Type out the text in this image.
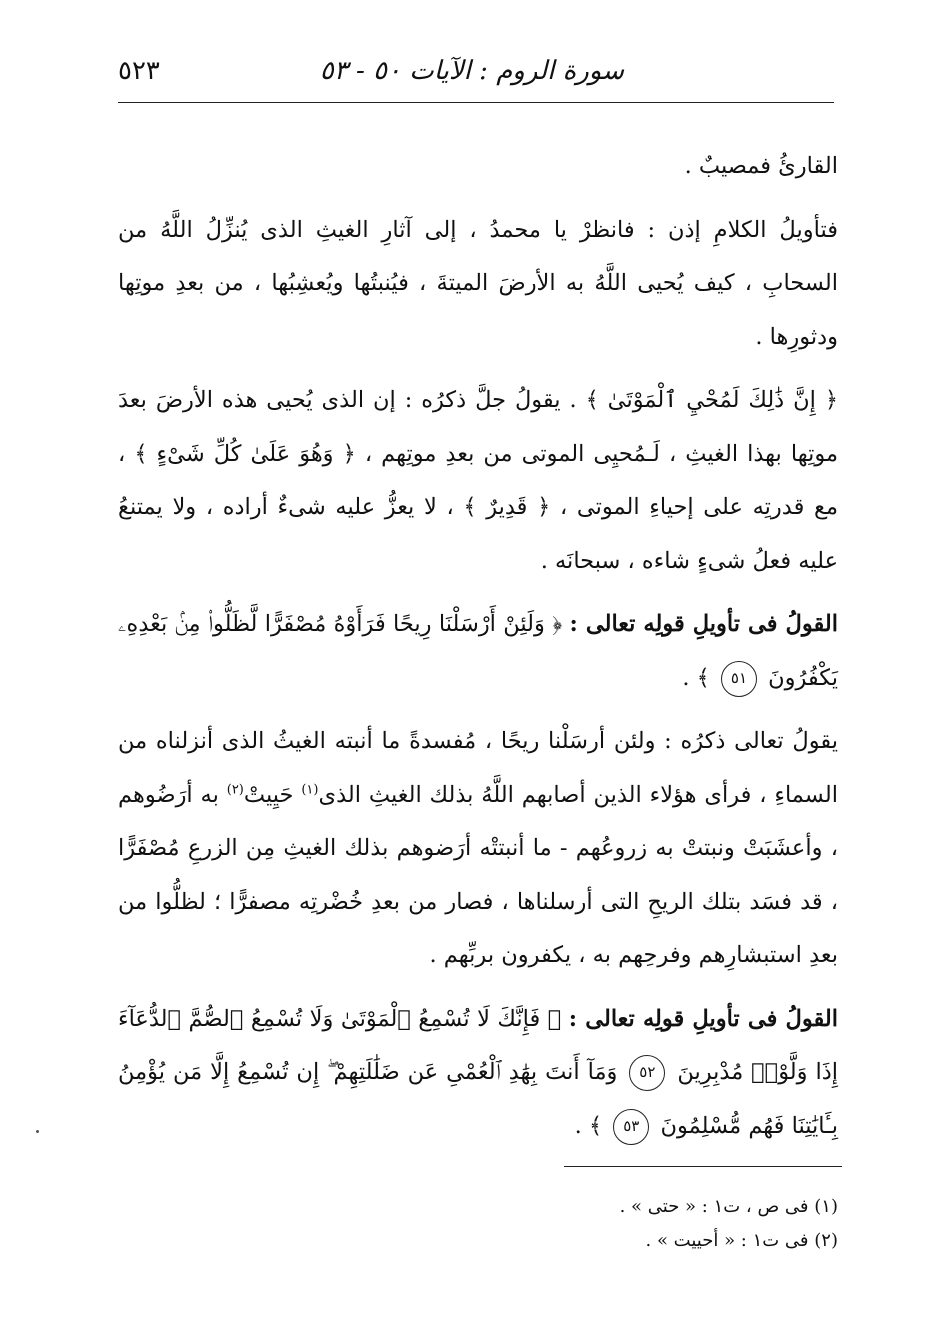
سورة الروم : الآيات ٥٠ - ٥٣
٥٢٣

القارئُ فمصيبٌ .

فتأويلُ الكلامِ إذن : فانظرْ يا محمدُ ، إلى آثارِ الغيثِ الذى يُنزِّلُ اللَّهُ من السحابِ ، كيف يُحيى اللَّهُ به الأرضَ الميتةَ ، فيُنبتُها ويُعشِبُها ، من بعدِ موتِها ودثورِها .

﴿ إِنَّ ذَٰلِكَ لَمُحْيِ ٱلْمَوْتَىٰ ﴾ . يقولُ جلَّ ذكرُه : إن الذى يُحيى هذه الأرضَ بعدَ موتِها بهذا الغيثِ ، لَـمُحيِى الموتى من بعدِ موتِهم ، ﴿ وَهُوَ عَلَىٰ كُلِّ شَىْءٍ ﴾ ، مع قدرتِه على إحياءِ الموتى ، ﴿ قَدِيرٌ ﴾ ، لا يعزُّ عليه شىءٌ أراده ، ولا يمتنعُ عليه فعلُ شىءٍ شاءه ، سبحانَه .

القولُ فى تأويلِ قولِه تعالى : ﴿ وَلَئِنْ أَرْسَلْنَا رِيحًا فَرَأَوْهُ مُصْفَرًّا لَّظَلُّوا۟ مِنۢ بَعْدِهِۦ يَكْفُرُونَ ٥١ ﴾ .

يقولُ تعالى ذكرُه : ولئن أرسَلْنا ريحًا ، مُفسدةً ما أنبته الغيثُ الذى أنزلناه من السماءِ ، فرأى هؤلاء الذين أصابهم اللَّهُ بذلك الغيثِ الذى$^{(١)}$ حَيِيتْ$^{(٢)}$ به أرَضُوهم ، وأعشَبَتْ ونبتتْ به زروعُهم - ما أنبتتْه أرَضوهم بذلك الغيثِ مِن الزرعِ مُصْفَرًّا ، قد فسَد بتلك الريحِ التى أرسلناها ، فصار من بعدِ خُضْرتِه مصفرًّا ؛ لظلُّوا من بعدِ استبشارِهم وفرحِهم به ، يكفرون بربِّهم .

القولُ فى تأويلِ قولِه تعالى : ﴿ فَإِنَّكَ لَا تُسْمِعُ ٱلْمَوْتَىٰ وَلَا تُسْمِعُ ٱلصُّمَّ ٱلدُّعَآءَ إِذَا وَلَّوْا۟ مُدْبِرِينَ ٥٢ وَمَآ أَنتَ بِهَٰدِ ٱلْعُمْىِ عَن ضَلَٰلَتِهِمْ ۖ إِن تُسْمِعُ إِلَّا مَن يُؤْمِنُ بِـَٔايَٰتِنَا فَهُم مُّسْلِمُونَ ٥٣ ﴾ .

(١) فى ص ، ت١ : « حتى » .
(٢) فى ت١ : « أحييت » .
